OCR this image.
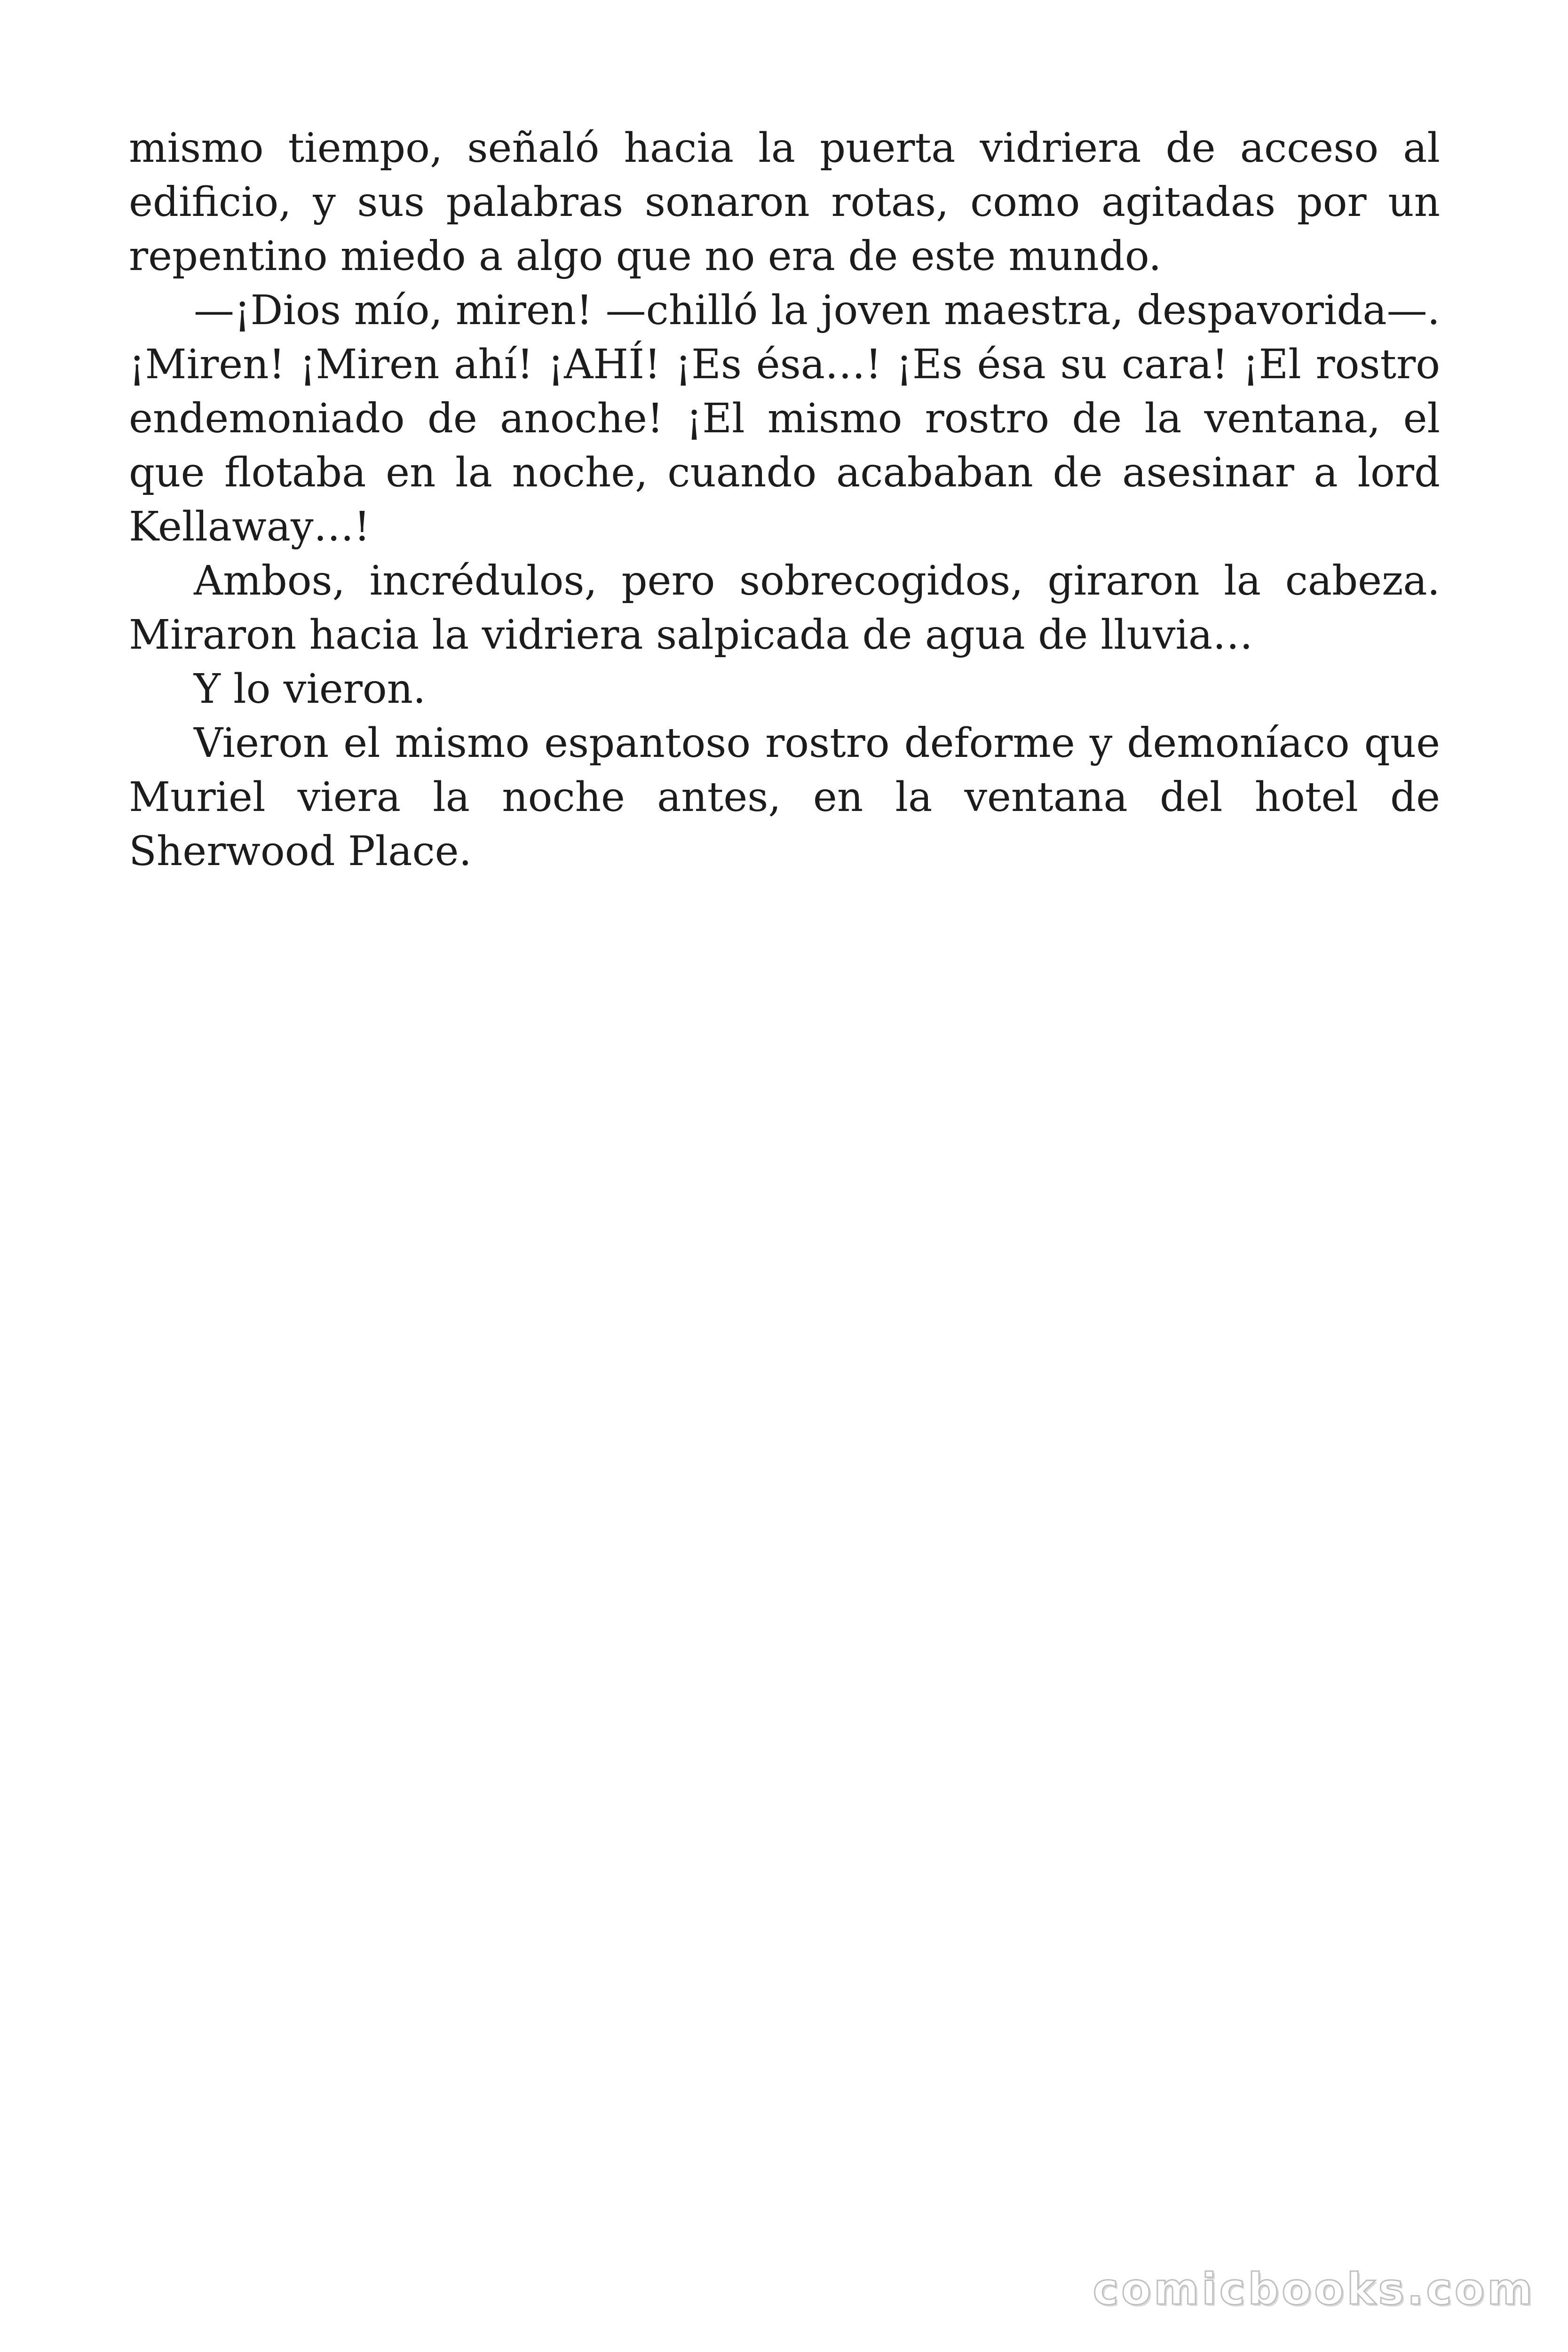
mismo tiempo, señaló hacia la puerta vidriera de acceso al edificio, y sus palabras sonaron rotas, como agitadas por un repentino miedo a algo que no era de este mundo.

—¡Dios mío, miren! —chilló la joven maestra, despavorida—. ¡Miren! ¡Miren ahí! ¡AHÍ! ¡Es ésa…! ¡Es ésa su cara! ¡El rostro endemoniado de anoche! ¡El mismo rostro de la ventana, el que flotaba en la noche, cuando acababan de asesinar a lord Kellaway…!

Ambos, incrédulos, pero sobrecogidos, giraron la cabeza. Miraron hacia la vidriera salpicada de agua de lluvia…

Y lo vieron.

Vieron el mismo espantoso rostro deforme y demoníaco que Muriel viera la noche antes, en la ventana del hotel de Sherwood Place.

comicbooks.com
